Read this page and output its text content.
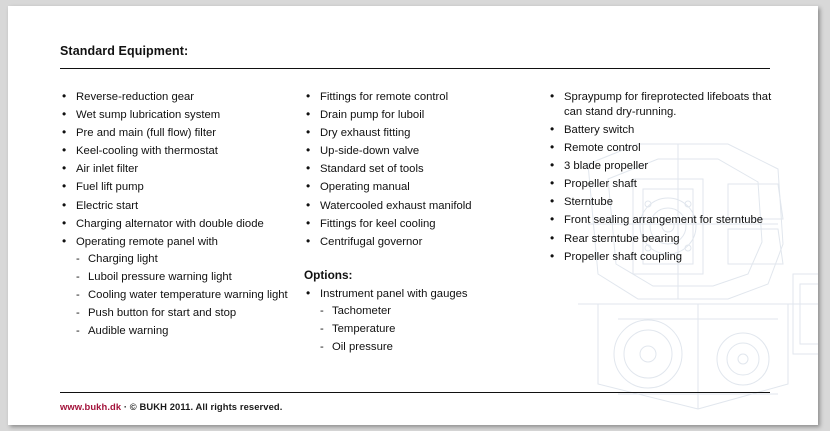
Standard Equipment:
• Reverse-reduction gear
• Wet sump lubrication system
• Pre and main (full flow) filter
• Keel-cooling with thermostat
• Air inlet filter
• Fuel lift pump
• Electric start
• Charging alternator with double diode
• Operating remote panel with
- Charging light
- Luboil pressure warning light
- Cooling water temperature warning light
- Push button for start and stop
- Audible warning
• Fittings for remote control
• Drain pump for luboil
• Dry exhaust fitting
• Up-side-down valve
• Standard set of tools
• Operating manual
• Watercooled exhaust manifold
• Fittings for keel cooling
• Centrifugal governor
Options:
• Instrument panel with gauges
- Tachometer
- Temperature
- Oil pressure
• Spraypump for fireprotected lifeboats that can stand dry-running.
• Battery switch
• Remote control
• 3 blade propeller
• Propeller shaft
• Sterntube
• Front sealing arrangement for sterntube
• Rear sterntube bearing
• Propeller shaft coupling
www.bukh.dk · © BUKH 2011. All rights reserved.
